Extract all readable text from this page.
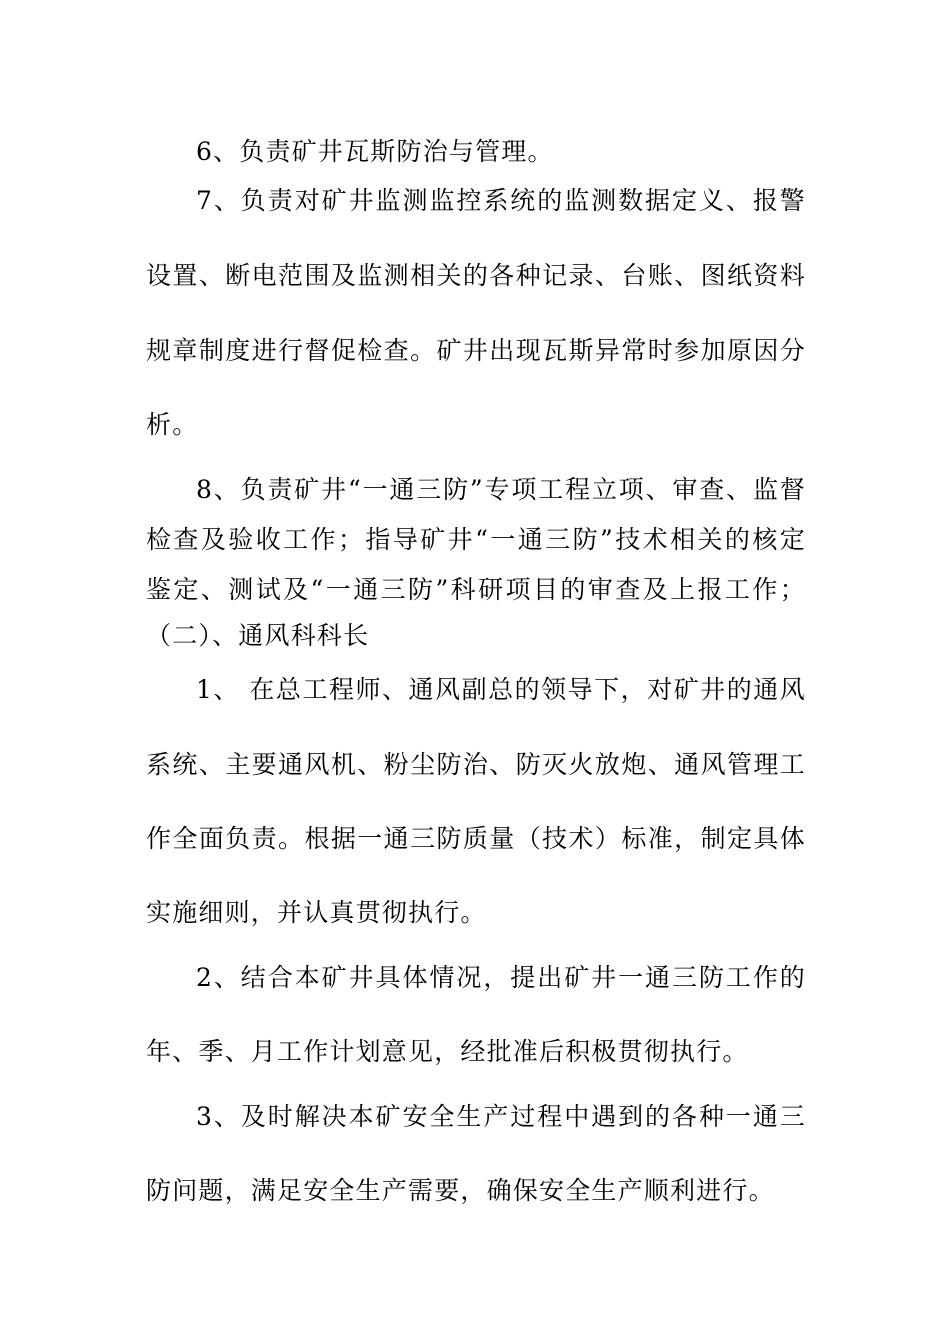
6、负责矿井瓦斯防治与管理。
7、负责对矿井监测监控系统的监测数据定义、报警
设置、断电范围及监测相关的各种记录、台账、图纸资料
规章制度进行督促检查。矿井出现瓦斯异常时参加原因分
析。
8、负责矿井“一通三防”专项工程立项、审查、监督
检查及验收工作；指导矿井“一通三防”技术相关的核定
鉴定、测试及“一通三防”科研项目的审查及上报工作；
（二）、通风科科长
1、 在总工程师、通风副总的领导下，对矿井的通风
系统、主要通风机、粉尘防治、防灭火放炮、通风管理工
作全面负责。根据一通三防质量（技术）标准，制定具体
实施细则，并认真贯彻执行。
2、结合本矿井具体情况，提出矿井一通三防工作的
年、季、月工作计划意见，经批准后积极贯彻执行。
3、及时解决本矿安全生产过程中遇到的各种一通三
防问题，满足安全生产需要，确保安全生产顺利进行。
